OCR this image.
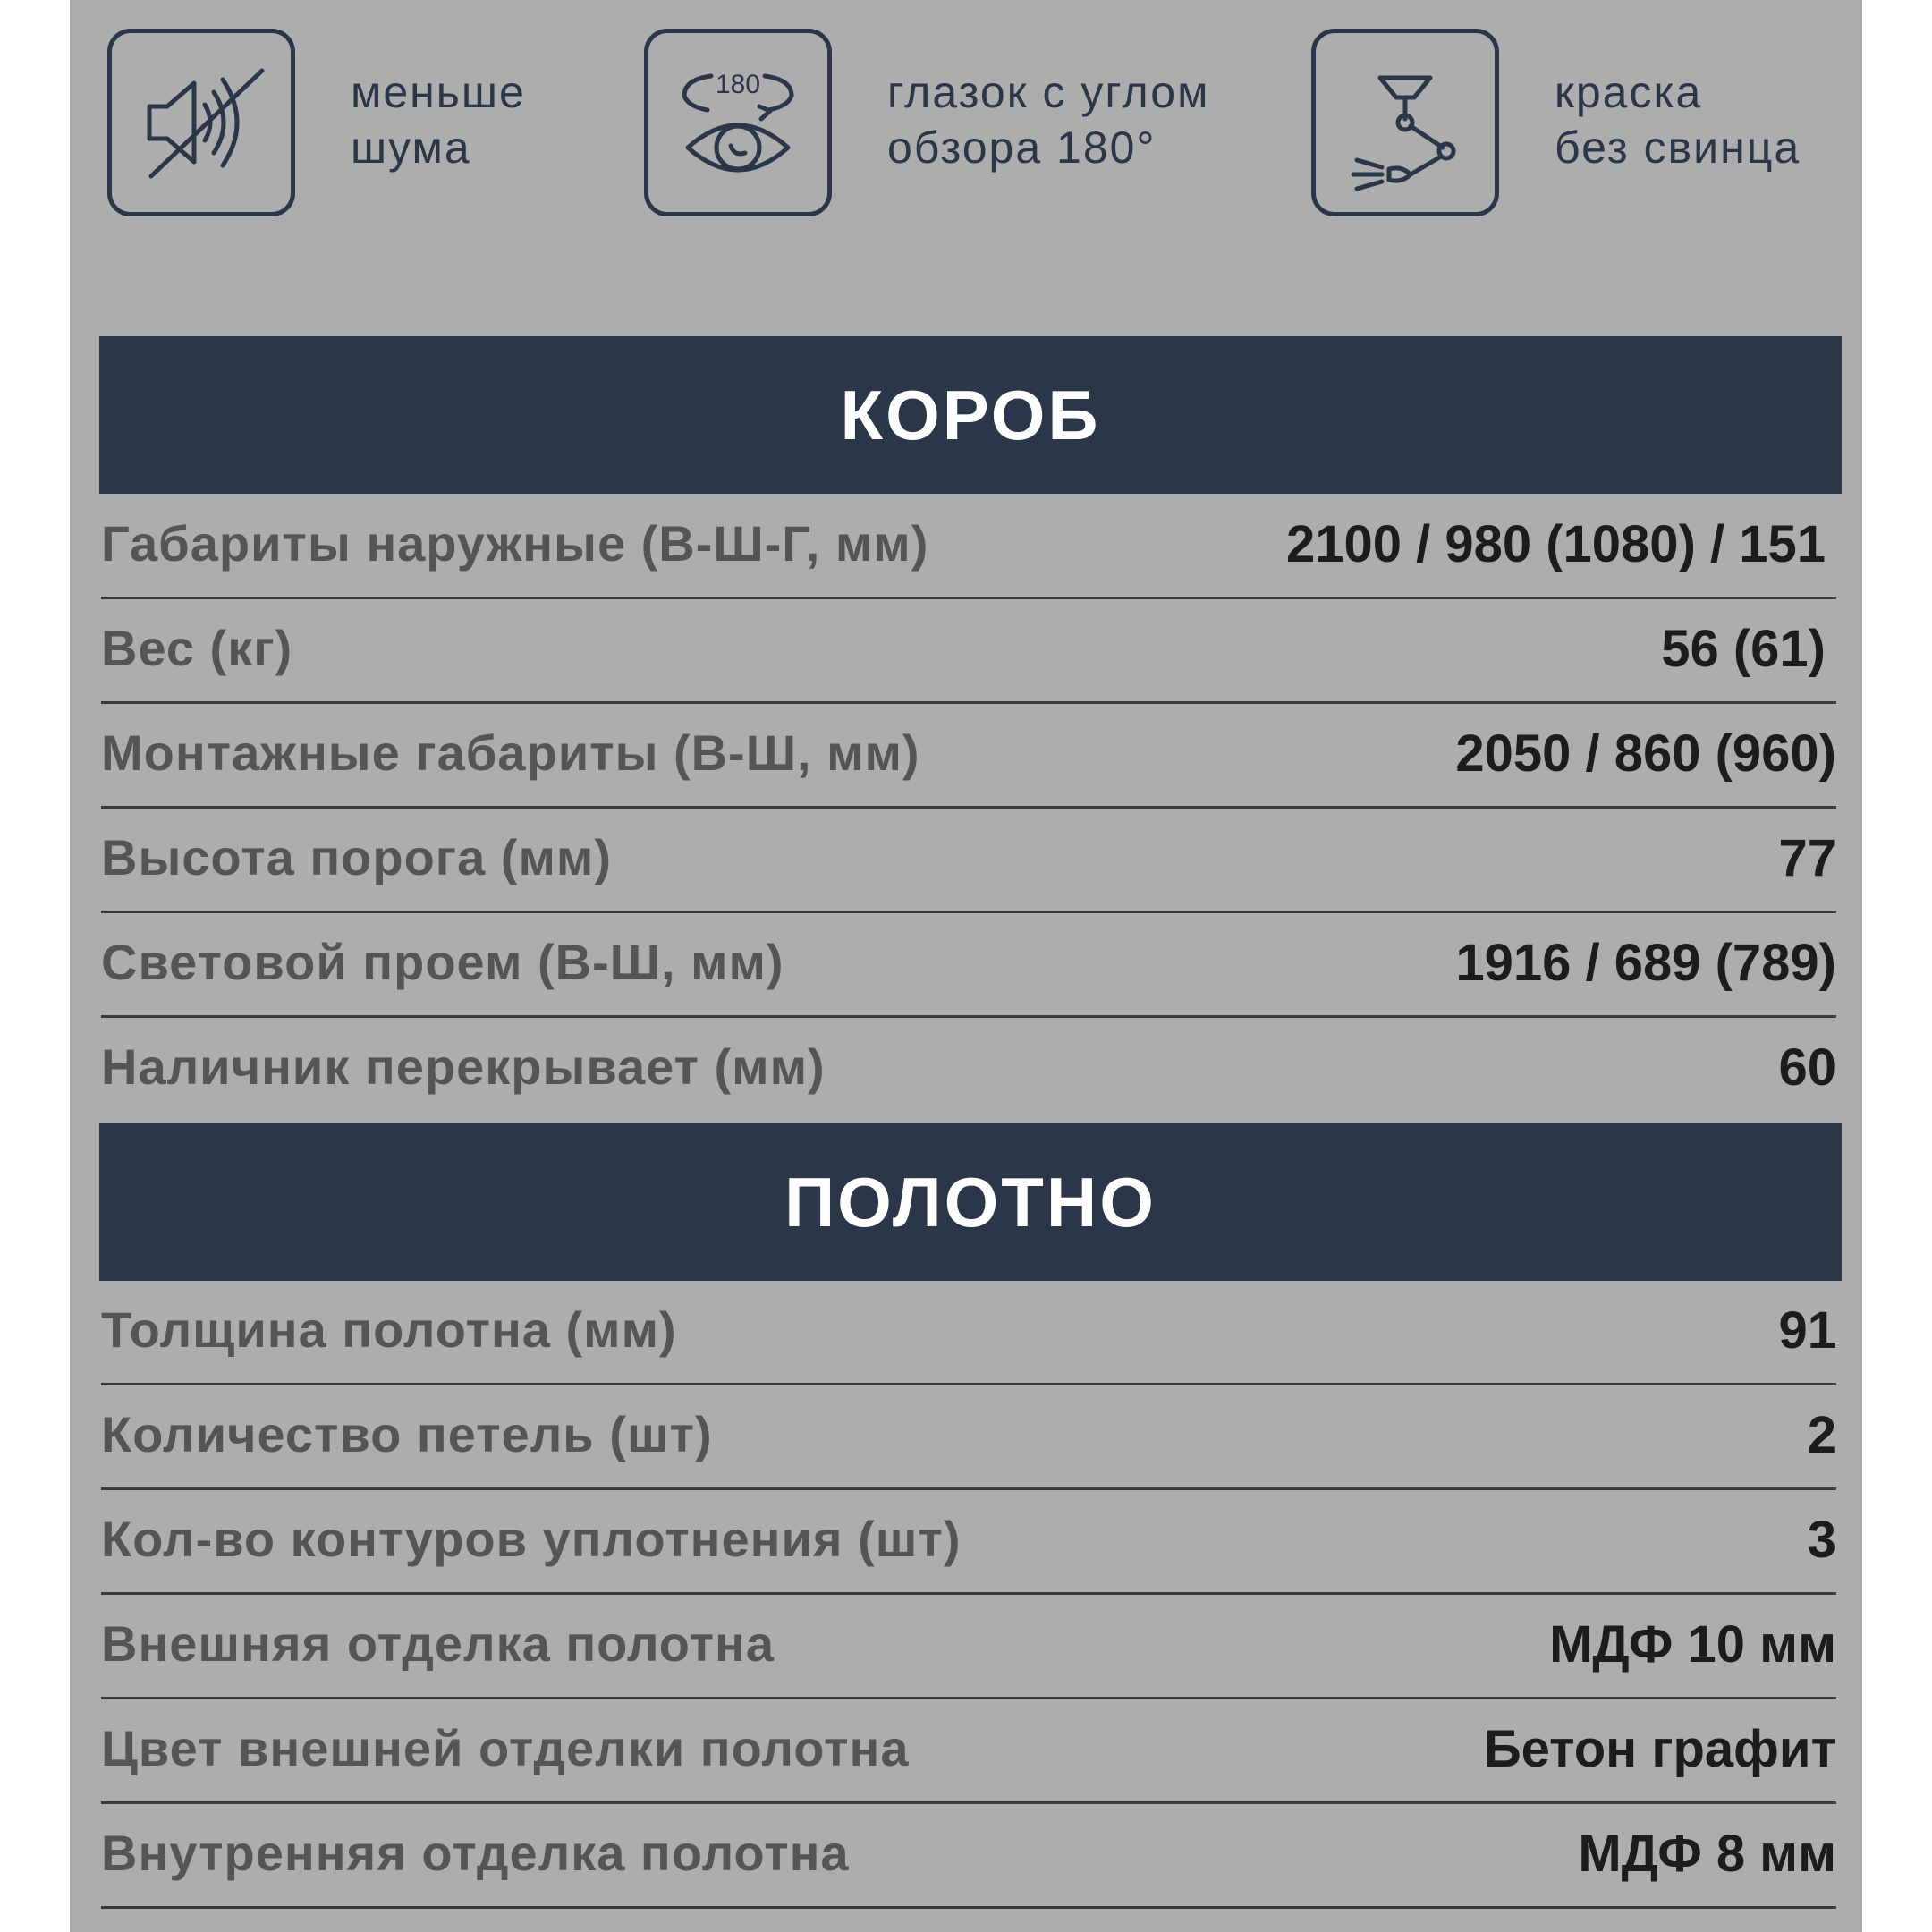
меньше
шума
180	глазок с углом
обзора 180°
краска
без свинца
КОРОБ
Габариты наружные (В-Ш-Г, мм)	2100 / 980 (1080) / 151
Вес (кг)	56 (61)
Монтажные габариты (В-Ш, мм)	2050 / 860 (960)
Высота порога (мм)	77
Световой проем (В-Ш, мм)	1916 / 689 (789)
Наличник перекрывает (мм)	60
ПОЛОТНО
Толщина полотна (мм)	91
Количество петель (шт)	2
Кол-во контуров уплотнения (шт)	3
Внешняя отделка полотна	МДФ 10 мм
Цвет внешней отделки полотна	Бетон графит
Внутренняя отделка полотна	МДФ 8 мм
